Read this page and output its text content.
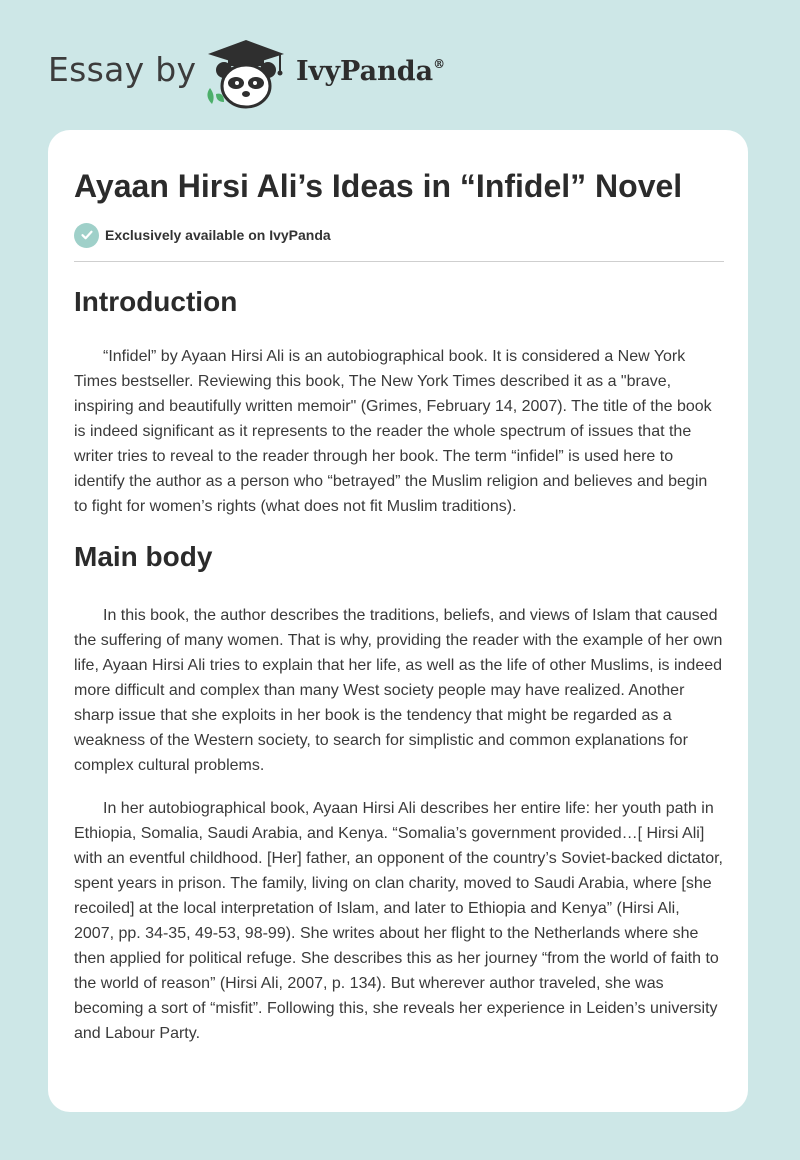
Essay by	IvyPanda®
Ayaan Hirsi Ali’s Ideas in “Infidel” Novel
Exclusively available on IvyPanda
Introduction

“Infidel” by Ayaan Hirsi Ali is an autobiographical book. It is considered a New York Times bestseller. Reviewing this book, The New York Times described it as a "brave, inspiring and beautifully written memoir" (Grimes, February 14, 2007). The title of the book is indeed significant as it represents to the reader the whole spectrum of issues that the writer tries to reveal to the reader through her book. The term “infidel” is used here to identify the author as a person who “betrayed” the Muslim religion and believes and begin to fight for women’s rights (what does not fit Muslim traditions).

Main body

In this book, the author describes the traditions, beliefs, and views of Islam that caused the suffering of many women. That is why, providing the reader with the example of her own life, Ayaan Hirsi Ali tries to explain that her life, as well as the life of other Muslims, is indeed more difficult and complex than many West society people may have realized. Another sharp issue that she exploits in her book is the tendency that might be regarded as a weakness of the Western society, to search for simplistic and common explanations for complex cultural problems.

In her autobiographical book, Ayaan Hirsi Ali describes her entire life: her youth path in Ethiopia, Somalia, Saudi Arabia, and Kenya. “Somalia’s government provided…[ Hirsi Ali] with an eventful childhood. [Her] father, an opponent of the country’s Soviet-backed dictator, spent years in prison. The family, living on clan charity, moved to Saudi Arabia, where [she recoiled] at the local interpretation of Islam, and later to Ethiopia and Kenya” (Hirsi Ali, 2007, pp. 34-35, 49-53, 98-99). She writes about her flight to the Netherlands where she then applied for political refuge. She describes this as her journey “from the world of faith to the world of reason” (Hirsi Ali, 2007, p. 134). But wherever author traveled, she was becoming a sort of “misfit”. Following this, she reveals her experience in Leiden’s university and Labour Party.
